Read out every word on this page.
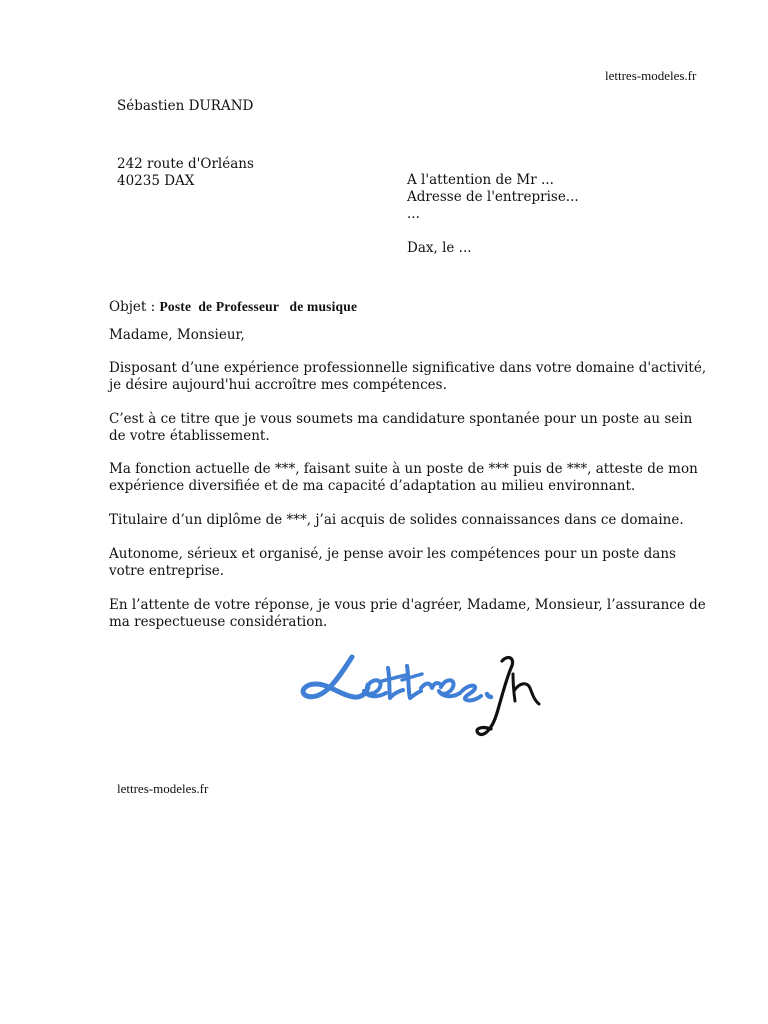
lettres-modeles.fr
Sébastien DURAND
242 route d'Orléans
40235 DAX	A l'attention de Mr ...
Adresse de l'entreprise...
...
Dax, le ...
Objet : Poste  de Professeur   de musique
Madame, Monsieur,

Disposant d’une expérience professionnelle significative dans votre domaine d'activité, je désire aujourd'hui accroître mes compétences.

C’est à ce titre que je vous soumets ma candidature spontanée pour un poste au sein de votre établissement.

Ma fonction actuelle de ***, faisant suite à un poste de *** puis de ***, atteste de mon expérience diversifiée et de ma capacité d’adaptation au milieu environnant.

Titulaire d’un diplôme de ***, j’ai acquis de solides connaissances dans ce domaine.

Autonome, sérieux et organisé, je pense avoir les compétences pour un poste dans votre entreprise.

En l’attente de votre réponse, je vous prie d'agréer, Madame, Monsieur, l’assurance de ma respectueuse considération.

lettres-modeles.fr
